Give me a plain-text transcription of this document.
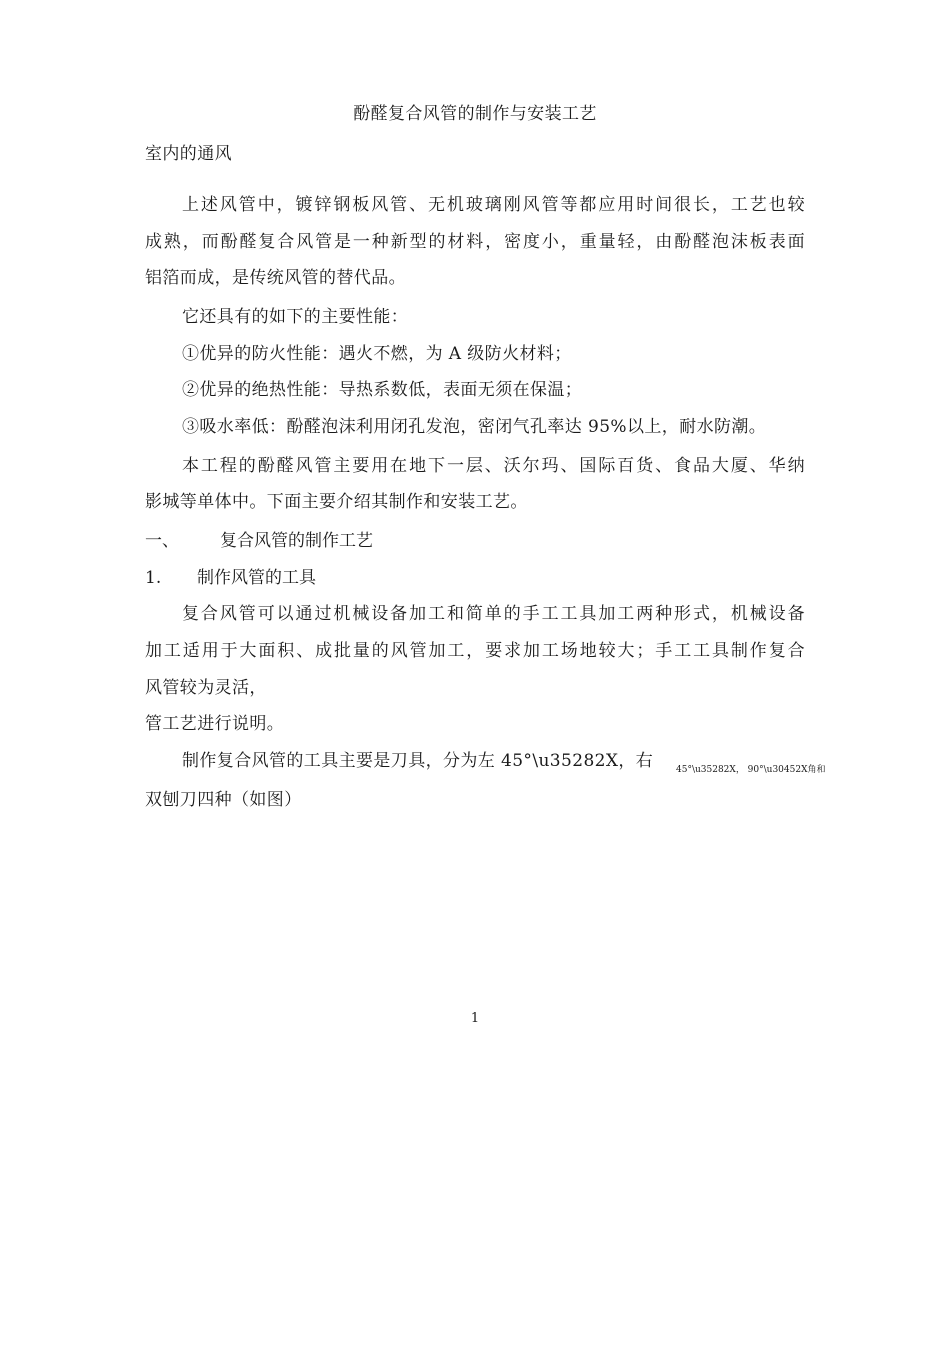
酚醛复合风管的制作与安装工艺
室内的通风
上述风管中，镀锌钢板风管、无机玻璃刚风管等都应用时间很长，工艺也较
成熟，而酚醛复合风管是一种新型的材料，密度小，重量轻，由酚醛泡沫板表面
铝箔而成，是传统风管的替代品。
它还具有的如下的主要性能：
①优异的防火性能：遇火不燃，为 A 级防火材料；
②优异的绝热性能：导热系数低，表面无须在保温；
③吸水率低：酚醛泡沫利用闭孔发泡，密闭气孔率达 95%以上，耐水防潮。
本工程的酚醛风管主要用在地下一层、沃尔玛、国际百货、食品大厦、华纳
影城等单体中。下面主要介绍其制作和安装工艺。
一、 复合风管的制作工艺
1. 制作风管的工具
复合风管可以通过机械设备加工和简单的手工工具加工两种形式，机械设备
加工适用于大面积、成批量的风管加工，要求加工场地较大；手工工具制作复合
风管较为灵活，
管工艺进行说明。
制作复合风管的工具主要是刀具，分为左 45°\u35282X，右	45°\u35282X， 90°\u30452X角和
双刨刀四种（如图）
1
